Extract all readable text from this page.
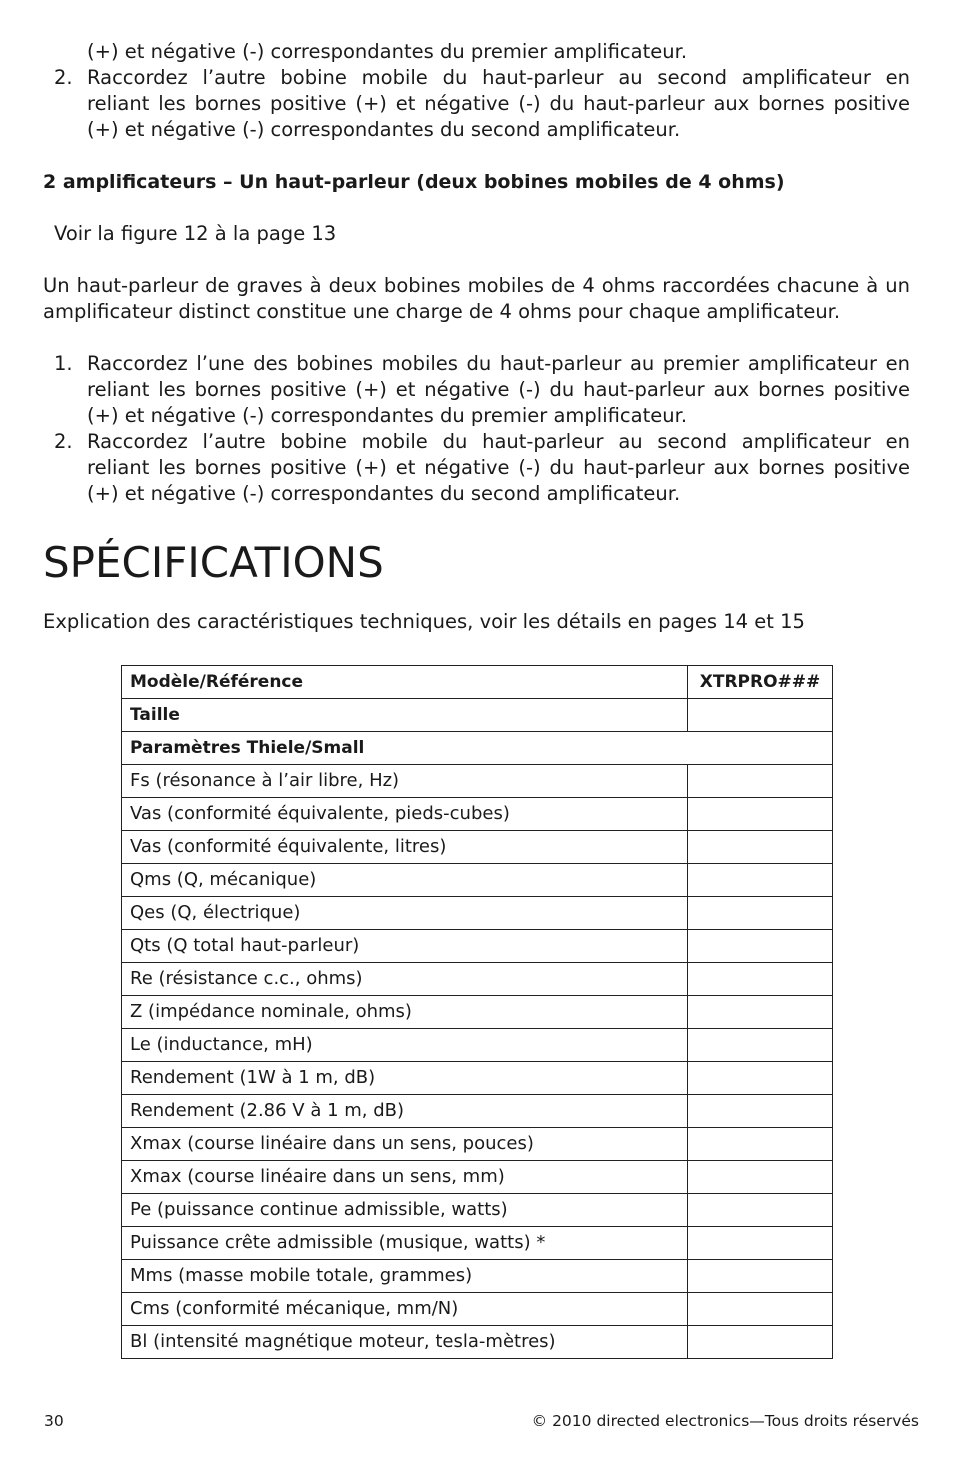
(+) et négative (-) correspondantes du premier amplificateur.

2. Raccordez l’autre bobine mobile du haut-parleur au second amplificateur en

reliant les bornes positive (+) et négative (-) du haut-parleur aux bornes positive

(+) et négative (-) correspondantes du second amplificateur.

2 amplificateurs – Un haut-parleur (deux bobines mobiles de 4 ohms)

Voir la figure 12 à la page 13

Un haut-parleur de graves à deux bobines mobiles de 4 ohms raccordées chacune à un

amplificateur distinct constitue une charge de 4 ohms pour chaque amplificateur.

1. Raccordez l’une des bobines mobiles du haut-parleur au premier amplificateur en

reliant les bornes positive (+) et négative (-) du haut-parleur aux bornes positive

(+) et négative (-) correspondantes du premier amplificateur.

2. Raccordez l’autre bobine mobile du haut-parleur au second amplificateur en

reliant les bornes positive (+) et négative (-) du haut-parleur aux bornes positive

(+) et négative (-) correspondantes du second amplificateur.

SPÉCIFICATIONS

Explication des caractéristiques techniques, voir les détails en pages 14 et 15

Modèle/Référence	XTRPRO###
Taille	
Paramètres Thiele/Small	
Fs (résonance à l’air libre, Hz)	
Vas (conformité équivalente, pieds-cubes)	
Vas (conformité équivalente, litres)	
Qms (Q, mécanique)	
Qes (Q, électrique)	
Qts (Q total haut-parleur)	
Re (résistance c.c., ohms)	
Z (impédance nominale, ohms)	
Le (inductance, mH)	
Rendement (1W à 1 m, dB)	
Rendement (2.86 V à 1 m, dB)	
Xmax (course linéaire dans un sens, pouces)	
Xmax (course linéaire dans un sens, mm)	
Pe (puissance continue admissible, watts)	
Puissance crête admissible (musique, watts) *	
Mms (masse mobile totale, grammes)	
Cms (conformité mécanique, mm/N)	
Bl (intensité magnétique moteur, tesla-mètres)	
30	© 2010 directed electronics—Tous droits réservés
